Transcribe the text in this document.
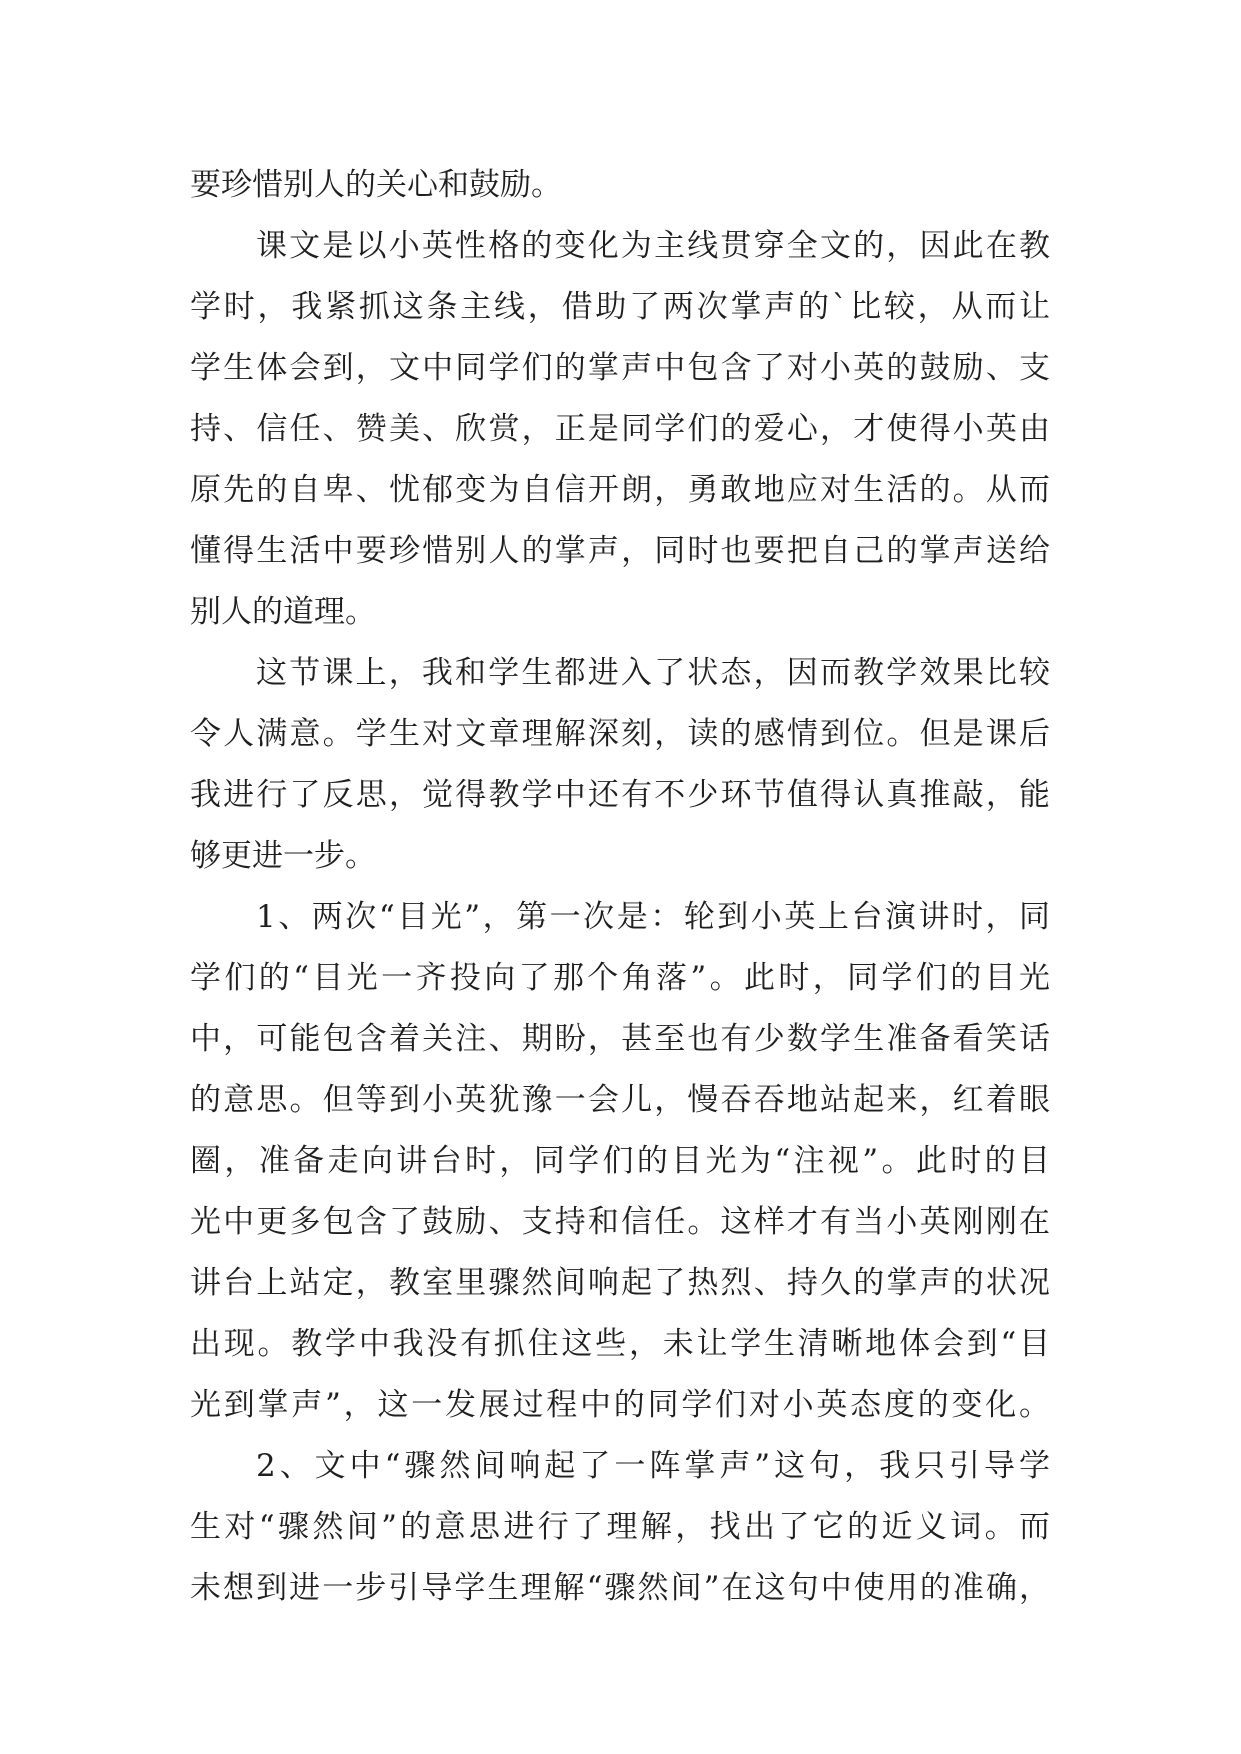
要珍惜别人的关心和鼓励。
课文是以小英性格的变化为主线贯穿全文的，因此在教
学时，我紧抓这条主线，借助了两次掌声的`比较，从而让
学生体会到，文中同学们的掌声中包含了对小英的鼓励、支
持、信任、赞美、欣赏，正是同学们的爱心，才使得小英由
原先的自卑、忧郁变为自信开朗，勇敢地应对生活的。从而
懂得生活中要珍惜别人的掌声，同时也要把自己的掌声送给
别人的道理。
这节课上，我和学生都进入了状态，因而教学效果比较
令人满意。学生对文章理解深刻，读的感情到位。但是课后
我进行了反思，觉得教学中还有不少环节值得认真推敲，能
够更进一步。
1、两次“目光”，第一次是：轮到小英上台演讲时，同
学们的“目光一齐投向了那个角落”。此时，同学们的目光
中，可能包含着关注、期盼，甚至也有少数学生准备看笑话
的意思。但等到小英犹豫一会儿，慢吞吞地站起来，红着眼
圈，准备走向讲台时，同学们的目光为“注视”。此时的目
光中更多包含了鼓励、支持和信任。这样才有当小英刚刚在
讲台上站定，教室里骤然间响起了热烈、持久的掌声的状况
出现。教学中我没有抓住这些，未让学生清晰地体会到“目
光到掌声”，这一发展过程中的同学们对小英态度的变化。
2、文中“骤然间响起了一阵掌声”这句，我只引导学
生对“骤然间”的意思进行了理解，找出了它的近义词。而
未想到进一步引导学生理解“骤然间”在这句中使用的准确，
